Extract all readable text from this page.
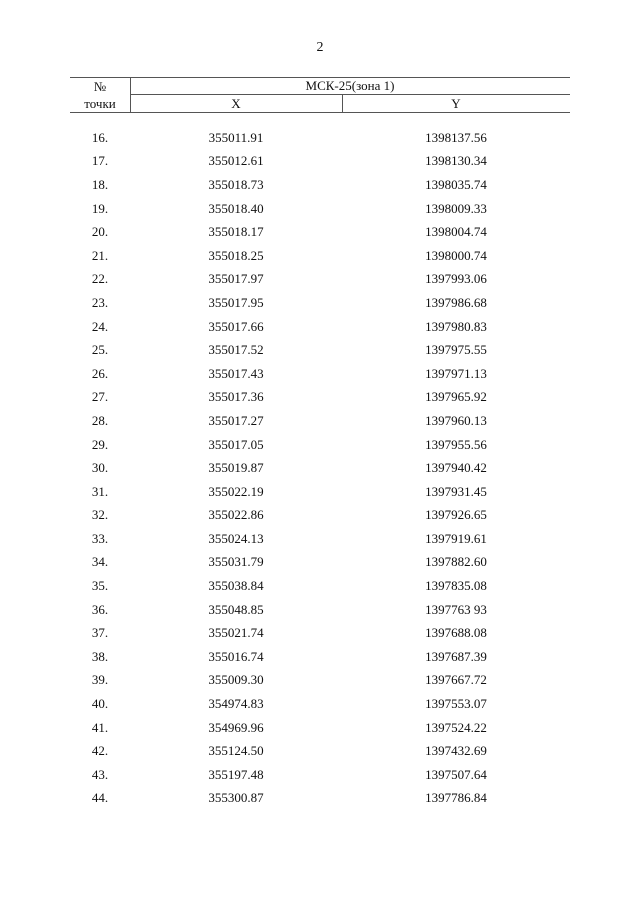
2
№
точки
МСК-25(зона 1)
X	Y
16.	355011.91	1398137.56
17.	355012.61	1398130.34
18.	355018.73	1398035.74
19.	355018.40	1398009.33
20.	355018.17	1398004.74
21.	355018.25	1398000.74
22.	355017.97	1397993.06
23.	355017.95	1397986.68
24.	355017.66	1397980.83
25.	355017.52	1397975.55
26.	355017.43	1397971.13
27.	355017.36	1397965.92
28.	355017.27	1397960.13
29.	355017.05	1397955.56
30.	355019.87	1397940.42
31.	355022.19	1397931.45
32.	355022.86	1397926.65
33.	355024.13	1397919.61
34.	355031.79	1397882.60
35.	355038.84	1397835.08
36.	355048.85	1397763 93
37.	355021.74	1397688.08
38.	355016.74	1397687.39
39.	355009.30	1397667.72
40.	354974.83	1397553.07
41.	354969.96	1397524.22
42.	355124.50	1397432.69
43.	355197.48	1397507.64
44.	355300.87	1397786.84
